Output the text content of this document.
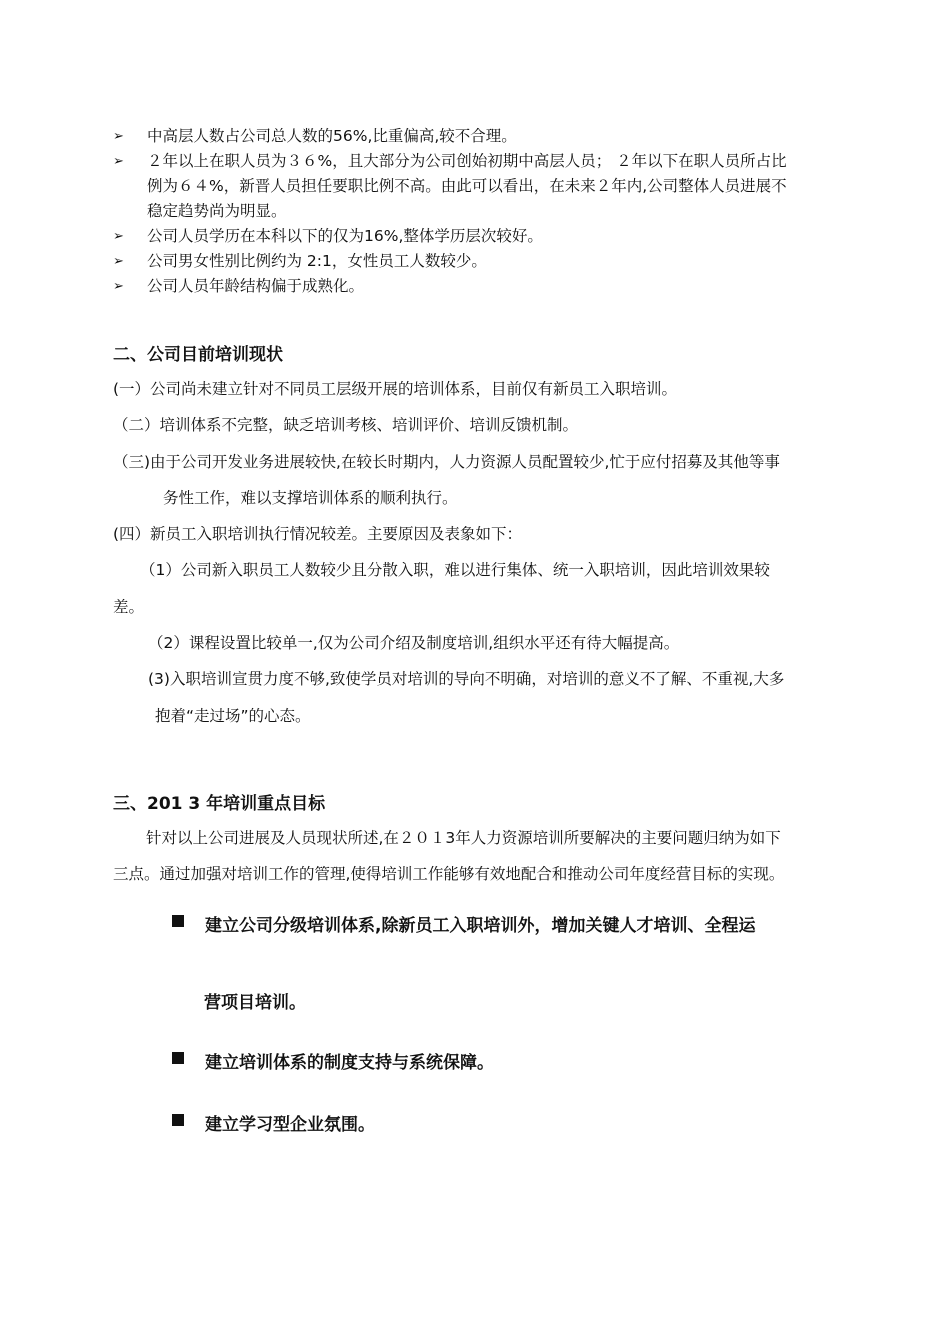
➢	中高层人数占公司总人数的56%,比重偏高,较不合理。
➢	２年以上在职人员为３６%，且大部分为公司创始初期中高层人员； ２年以下在职人员所占比
例为６４%，新晋人员担任要职比例不高。由此可以看出，在未来２年内,公司整体人员进展不
稳定趋势尚为明显。
➢	公司人员学历在本科以下的仅为16%,整体学历层次较好。
➢	公司男女性别比例约为 2:1，女性员工人数较少。
➢	公司人员年龄结构偏于成熟化。
二、公司目前培训现状
(一）公司尚未建立针对不同员工层级开展的培训体系，目前仅有新员工入职培训。
（二）培训体系不完整，缺乏培训考核、培训评价、培训反馈机制。
（三)由于公司开发业务进展较快,在较长时期内，人力资源人员配置较少,忙于应付招募及其他等事
务性工作，难以支撑培训体系的顺利执行。
(四）新员工入职培训执行情况较差。主要原因及表象如下：
（1）公司新入职员工人数较少且分散入职，难以进行集体、统一入职培训，因此培训效果较
差。
（2）课程设置比较单一,仅为公司介绍及制度培训,组织水平还有待大幅提高。
(3)入职培训宣贯力度不够,致使学员对培训的导向不明确，对培训的意义不了解、不重视,大多
抱着“走过场”的心态。
三、201 3 年培训重点目标
针对以上公司进展及人员现状所述,在２０１3年人力资源培训所要解决的主要问题归纳为如下
三点。通过加强对培训工作的管理,使得培训工作能够有效地配合和推动公司年度经营目标的实现。
建立公司分级培训体系,除新员工入职培训外，增加关键人才培训、全程运
营项目培训。
建立培训体系的制度支持与系统保障。
建立学习型企业氛围。
